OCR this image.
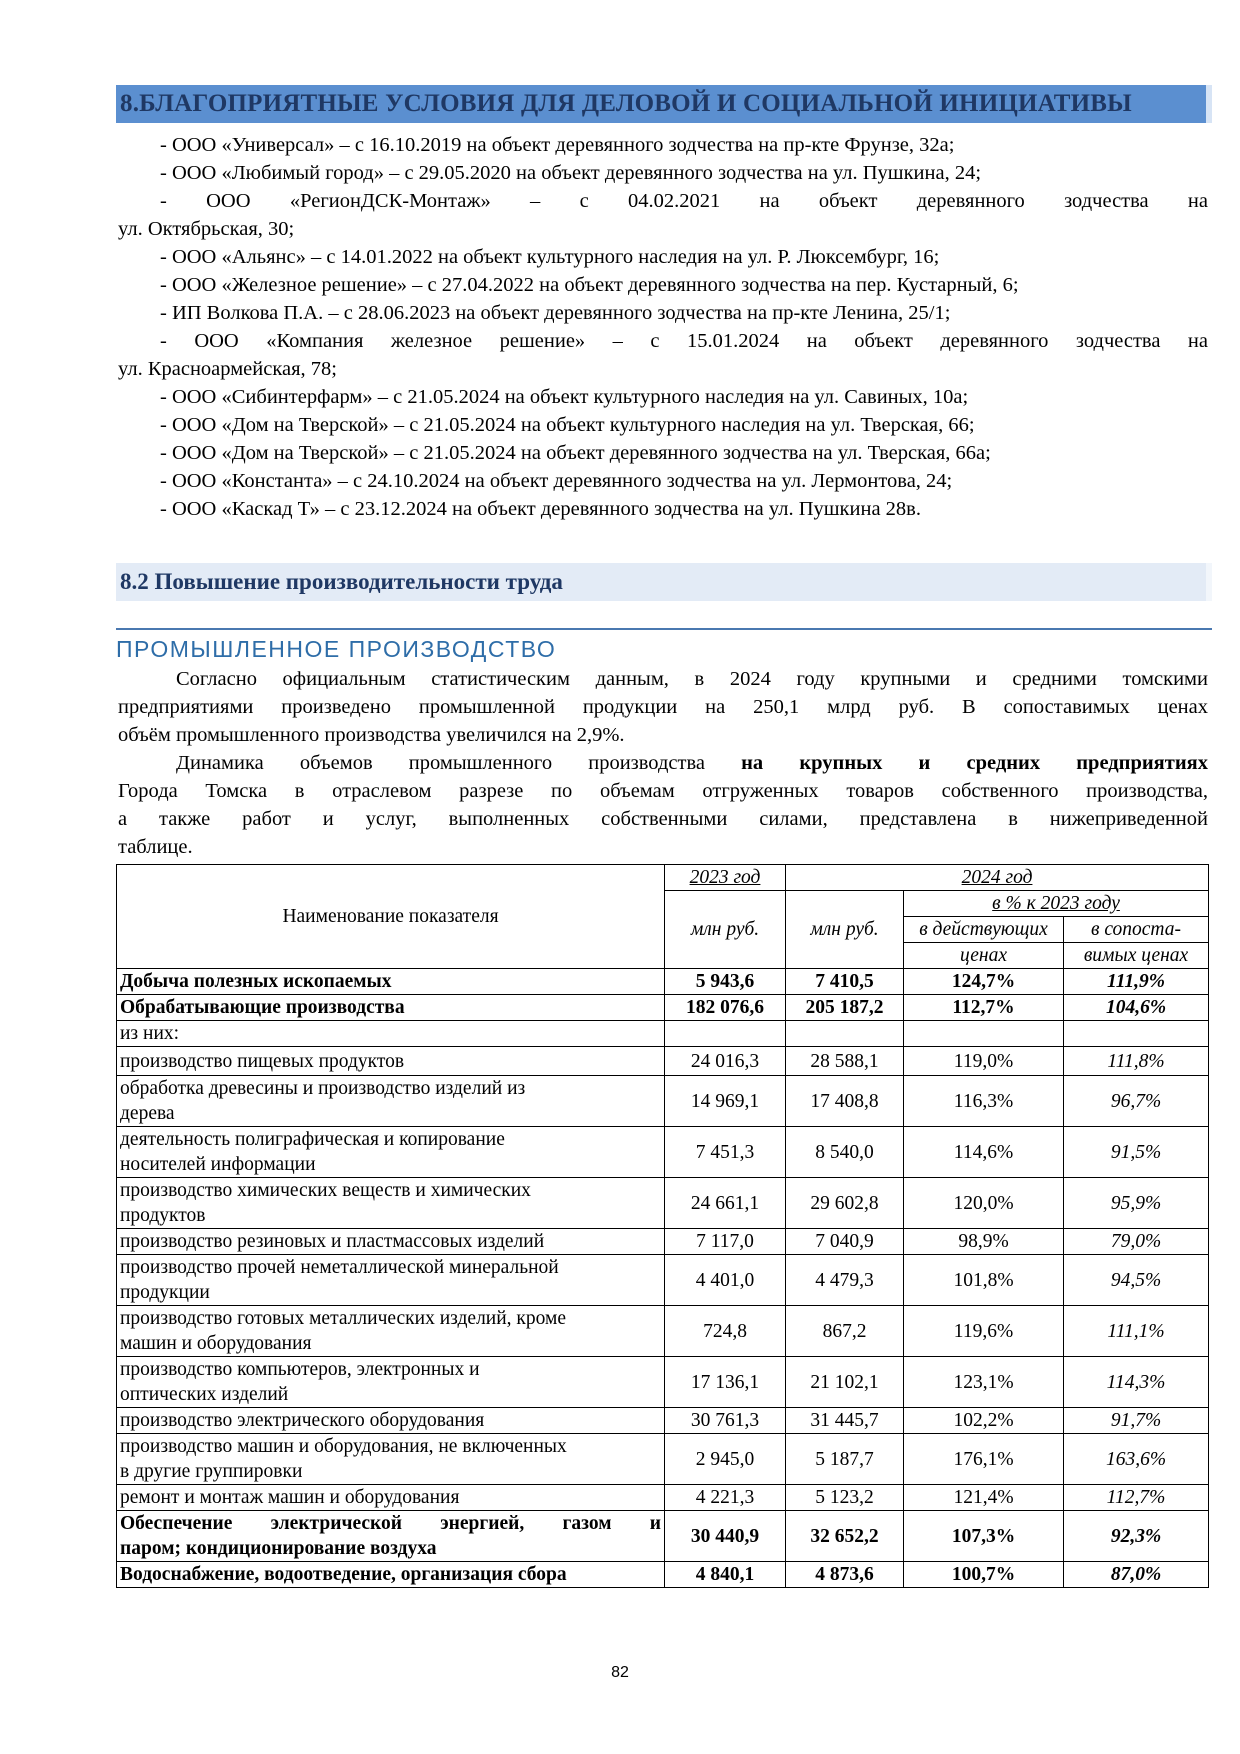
8.БЛАГОПРИЯТНЫЕ УСЛОВИЯ ДЛЯ ДЕЛОВОЙ И СОЦИАЛЬНОЙ ИНИЦИАТИВЫ
- ООО «Универсал» – с 16.10.2019 на объект деревянного зодчества на пр-кте Фрунзе, 32а;
- ООО «Любимый город» – с 29.05.2020 на объект деревянного зодчества на ул. Пушкина, 24;
- ООО «РегионДСК-Монтаж» – с 04.02.2021 на объект деревянного зодчества на
ул. Октябрьская, 30;
- ООО «Альянс» – с 14.01.2022 на объект культурного наследия на ул. Р. Люксембург, 16;
- ООО «Железное решение» – с 27.04.2022 на объект деревянного зодчества на пер. Кустарный, 6;
- ИП Волкова П.А. – с 28.06.2023 на объект деревянного зодчества на пр-кте Ленина, 25/1;
- ООО «Компания железное решение» – с 15.01.2024 на объект деревянного зодчества на
ул. Красноармейская, 78;
- ООО «Сибинтерфарм» – с 21.05.2024 на объект культурного наследия на ул. Савиных, 10а;
- ООО «Дом на Тверской» – с 21.05.2024 на объект культурного наследия на ул. Тверская, 66;
- ООО «Дом на Тверской» – с 21.05.2024 на объект деревянного зодчества на ул. Тверская, 66а;
- ООО «Константа» – с 24.10.2024 на объект деревянного зодчества на ул. Лермонтова, 24;
- ООО «Каскад Т» – с 23.12.2024 на объект деревянного зодчества на ул. Пушкина 28в.
8.2 Повышение производительности труда
ПРОМЫШЛЕННОЕ ПРОИЗВОДСТВО
Согласно официальным статистическим данным, в 2024 году крупными и средними томскими
предприятиями произведено промышленной продукции на 250,1 млрд руб. В сопоставимых ценах
объём промышленного производства увеличился на 2,9%.
Динамика объемов промышленного производства на крупных и средних предприятиях
Города Томска в отраслевом разрезе по объемам отгруженных товаров собственного производства,
а также работ и услуг, выполненных собственными силами, представлена в нижеприведенной
таблице.
Наименование показателя	2023 год	2024 год		
	млн руб.	млн руб.	в % к 2023 году	
			в действующих	в сопоста-
			ценах	вимых ценах
Добыча полезных ископаемых	5 943,6	7 410,5	124,7%	111,9%
Обрабатывающие производства	182 076,6	205 187,2	112,7%	104,6%
из них:				
производство пищевых продуктов	24 016,3	28 588,1	119,0%	111,8%

обработка древесины и производство изделий из
дерева	14 969,1	17 408,8	116,3%	96,7%

деятельность полиграфическая и копирование
носителей информации	7 451,3	8 540,0	114,6%	91,5%

производство химических веществ и химических
продуктов	24 661,1	29 602,8	120,0%	95,9%
производство резиновых и пластмассовых изделий	7 117,0	7 040,9	98,9%	79,0%

производство прочей неметаллической минеральной
продукции	4 401,0	4 479,3	101,8%	94,5%

производство готовых металлических изделий, кроме
машин и оборудования	724,8	867,2	119,6%	111,1%

производство компьютеров, электронных и
оптических изделий	17 136,1	21 102,1	123,1%	114,3%
производство электрического оборудования	30 761,3	31 445,7	102,2%	91,7%

производство машин и оборудования, не включенных
в другие группировки	2 945,0	5 187,7	176,1%	163,6%
ремонт и монтаж машин и оборудования	4 221,3	5 123,2	121,4%	112,7%

Обеспечение электрической энергией, газом и
паром; кондиционирование воздуха	30 440,9	32 652,2	107,3%	92,3%
Водоснабжение, водоотведение, организация сбора	4 840,1	4 873,6	100,7%	87,0%
82
